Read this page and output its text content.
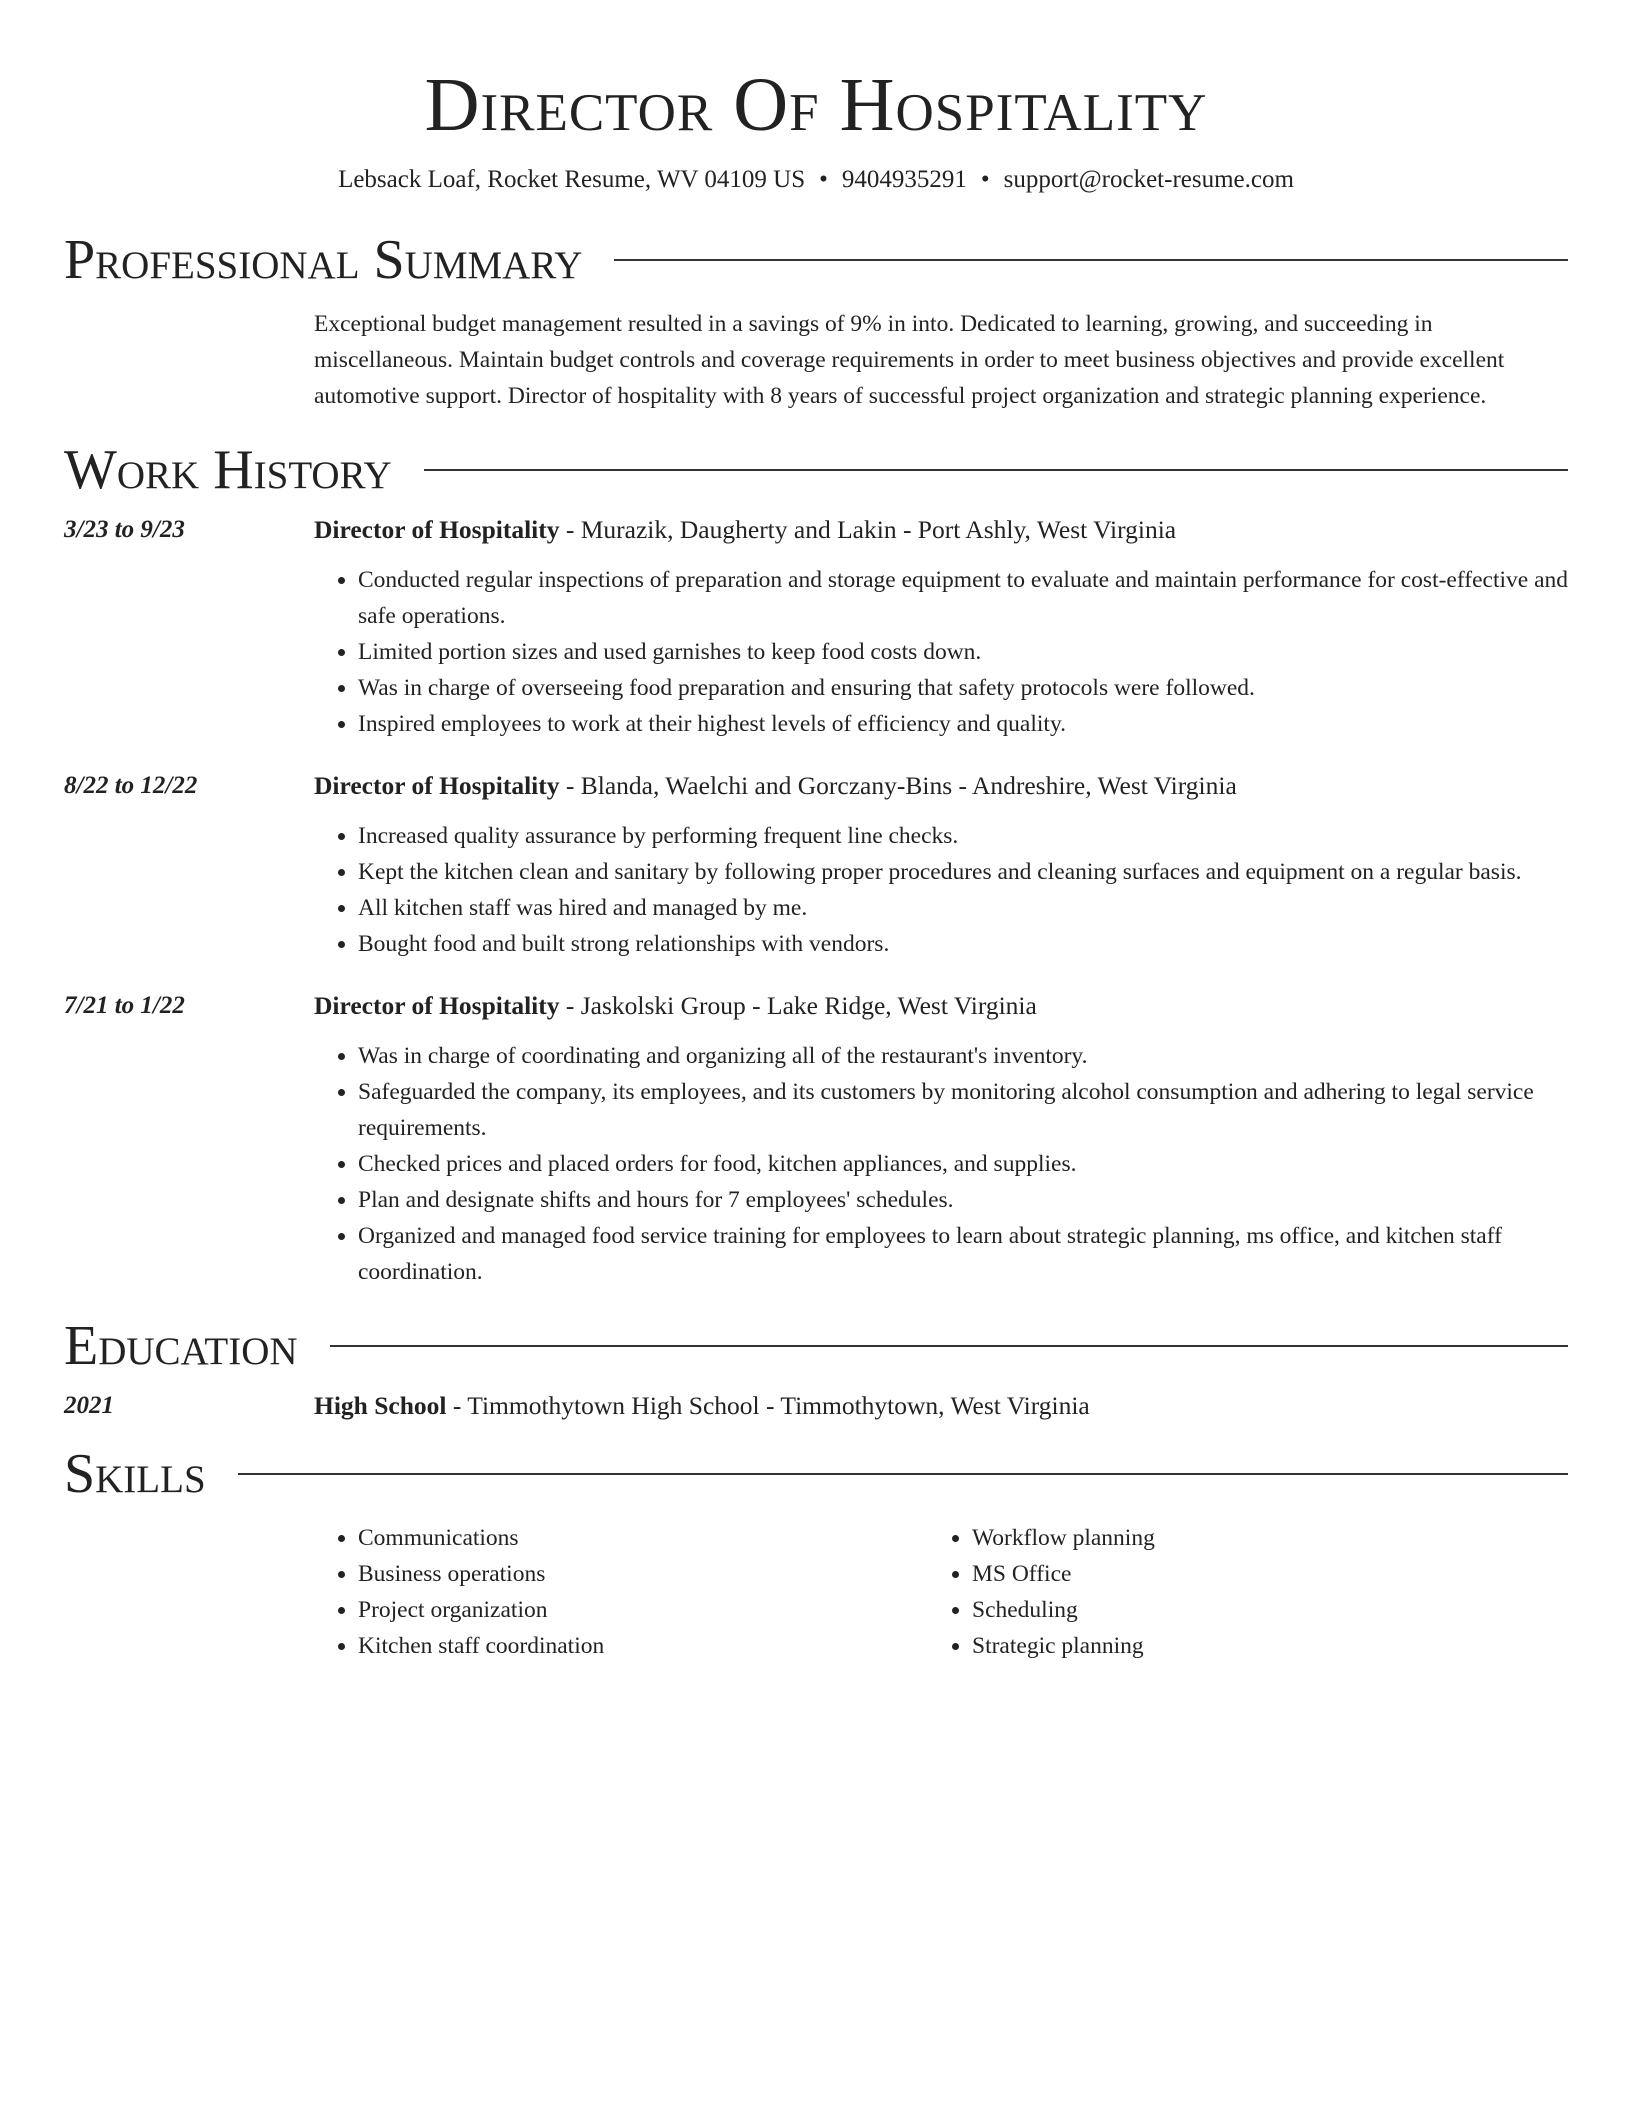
Director Of Hospitality
Lebsack Loaf, Rocket Resume, WV 04109 US • 9404935291 • support@rocket-resume.com
Professional Summary
Exceptional budget management resulted in a savings of 9% in into. Dedicated to learning, growing, and succeeding in miscellaneous. Maintain budget controls and coverage requirements in order to meet business objectives and provide excellent automotive support. Director of hospitality with 8 years of successful project organization and strategic planning experience.
Work History
3/23 to 9/23	Director of Hospitality - Murazik, Daugherty and Lakin - Port Ashly, West Virginia
• Conducted regular inspections of preparation and storage equipment to evaluate and maintain performance for cost-effective and safe operations.
• Limited portion sizes and used garnishes to keep food costs down.
• Was in charge of overseeing food preparation and ensuring that safety protocols were followed.
• Inspired employees to work at their highest levels of efficiency and quality.
8/22 to 12/22	Director of Hospitality - Blanda, Waelchi and Gorczany-Bins - Andreshire, West Virginia
• Increased quality assurance by performing frequent line checks.
• Kept the kitchen clean and sanitary by following proper procedures and cleaning surfaces and equipment on a regular basis.
• All kitchen staff was hired and managed by me.
• Bought food and built strong relationships with vendors.
7/21 to 1/22	Director of Hospitality - Jaskolski Group - Lake Ridge, West Virginia
• Was in charge of coordinating and organizing all of the restaurant's inventory.
• Safeguarded the company, its employees, and its customers by monitoring alcohol consumption and adhering to legal service requirements.
• Checked prices and placed orders for food, kitchen appliances, and supplies.
• Plan and designate shifts and hours for 7 employees' schedules.
• Organized and managed food service training for employees to learn about strategic planning, ms office, and kitchen staff coordination.
Education
2021	High School - Timmothytown High School - Timmothytown, West Virginia
Skills
• Communications
• Business operations
• Project organization
• Kitchen staff coordination
• Workflow planning
• MS Office
• Scheduling
• Strategic planning
